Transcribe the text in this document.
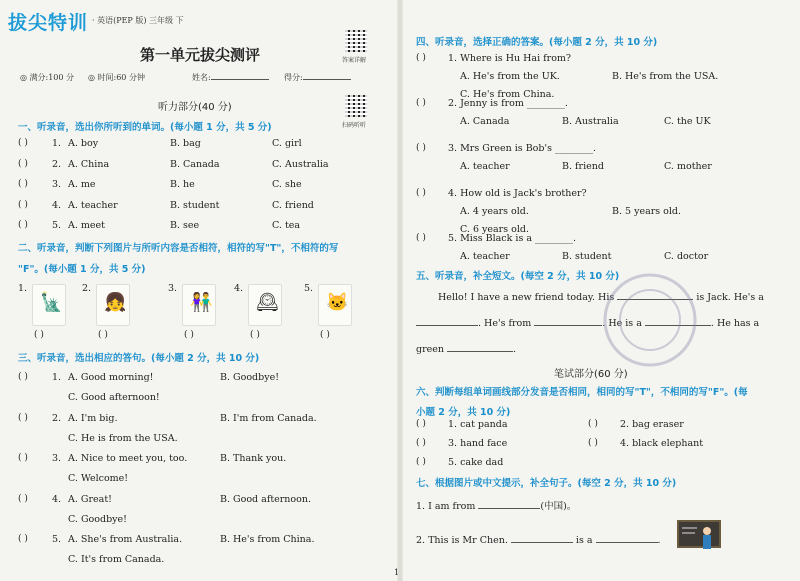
拔尖特训 · 英语(PEP 版) 三年级 下
第一单元拔尖测评	答案详解
扫码听听
◎ 满分:100 分 ◎ 时间:60 分钟	姓名:	得分:
听力部分(40 分)
一、听录音，选出你所听到的单词。(每小题 1 分，共 5 分)
( )	1. A. boy	B. bag	C. girl
( )	2. A. China	B. Canada	C. Australia
( )	3. A. me	B. he	C. she
( )	4. A. teacher	B. student	C. friend
( )	5. A. meet	B. see	C. tea
二、听录音，判断下列图片与所听内容是否相符，相符的写"T"，不相符的写
"F"。(每小题 1 分，共 5 分)
1.
( )
2.
( )
3.
( )
4.
( )
5.
( )
🗽 👧	👫 🕰	🐱
三、听录音，选出相应的答句。(每小题 2 分，共 10 分)
( )	1. A. Good morning!	B. Goodbye!
C. Good afternoon!
( )	2. A. I'm big.	B. I'm from Canada.
C. He is from the USA.
( )	3. A. Nice to meet you, too.	B. Thank you.
C. Welcome!
( )	4. A. Great!	B. Good afternoon.
C. Goodbye!
( )	5. A. She's from Australia.	B. He's from China.
C. It's from Canada.
四、听录音，选择正确的答案。(每小题 2 分，共 10 分)
( ) 1. Where is Hu Hai from?
A. He's from the UK.	B. He's from the USA.
C. He's from China.
( ) 2. Jenny is from ________.
A. Canada	B. Australia	C. the UK
( ) 3. Mrs Green is Bob's ________.
A. teacher	B. friend	C. mother
( ) 4. How old is Jack's brother?
A. 4 years old.	B. 5 years old.
C. 6 years old.
( ) 5. Miss Black is a ________.
A. teacher	B. student	C. doctor
五、听录音，补全短文。(每空 2 分，共 10 分)
Hello! I have a new friend today. His	is Jack. He's a
. He's from	. He is a	. He has a
green	.
笔试部分(60 分)
六、判断每组单词画线部分发音是否相同，相同的写"T"，不相同的写"F"。(每
小题 2 分，共 10 分)
( ) 1. cat panda	( ) 2. bag eraser
( ) 3. hand face	( ) 4. black elephant
( ) 5. cake dad
七、根据图片或中文提示，补全句子。(每空 2 分，共 10 分)
1. I am from	(中国)。
2. This is Mr Chen.	is a	.
1
